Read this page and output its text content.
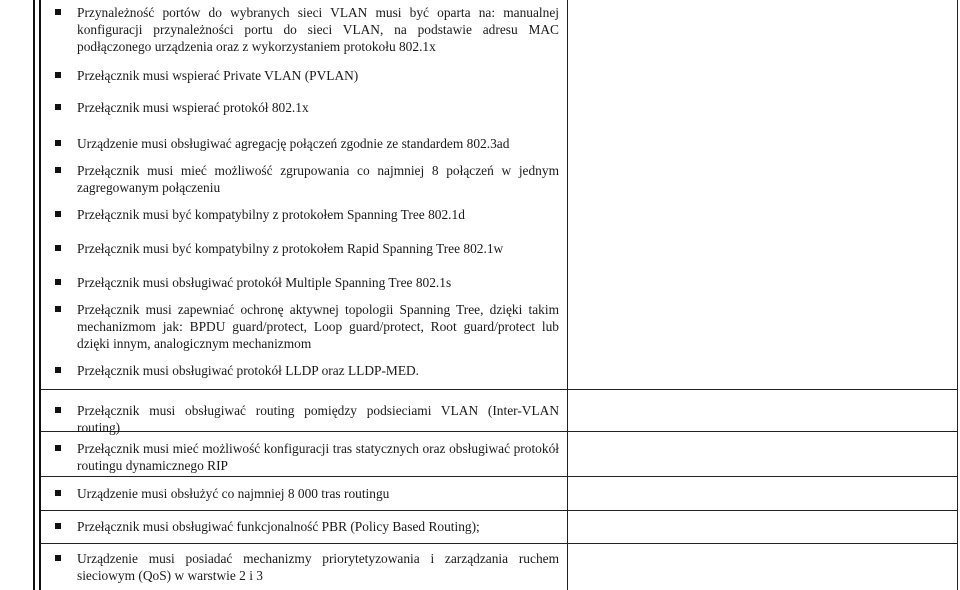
Przynależność portów do wybranych sieci VLAN musi być oparta na: manualnej konfiguracji przynależności portu do sieci VLAN, na podstawie adresu MAC podłączonego urządzenia oraz z wykorzystaniem protokołu 802.1x
Przełącznik musi wspierać Private VLAN (PVLAN)
Przełącznik musi wspierać protokół 802.1x
Urządzenie musi obsługiwać agregację połączeń zgodnie ze standardem 802.3ad
Przełącznik musi mieć możliwość zgrupowania co najmniej 8 połączeń w jednym zagregowanym połączeniu
Przełącznik musi być kompatybilny z protokołem Spanning Tree 802.1d
Przełącznik musi być kompatybilny z protokołem Rapid Spanning Tree 802.1w
Przełącznik musi obsługiwać protokół Multiple Spanning Tree 802.1s
Przełącznik musi zapewniać ochronę aktywnej topologii Spanning Tree, dzięki takim mechanizmom jak: BPDU guard/protect, Loop guard/protect, Root guard/protect lub dzięki innym, analogicznym mechanizmom
Przełącznik musi obsługiwać protokół LLDP oraz LLDP-MED.
Przełącznik musi obsługiwać routing pomiędzy podsieciami VLAN (Inter-VLAN routing)
Przełącznik musi mieć możliwość konfiguracji tras statycznych oraz obsługiwać protokół routingu dynamicznego RIP
Urządzenie musi obsłużyć co najmniej 8 000 tras routingu
Przełącznik musi obsługiwać funkcjonalność PBR (Policy Based Routing);
Urządzenie musi posiadać mechanizmy priorytetyzowania i zarządzania ruchem sieciowym (QoS) w warstwie 2 i 3
